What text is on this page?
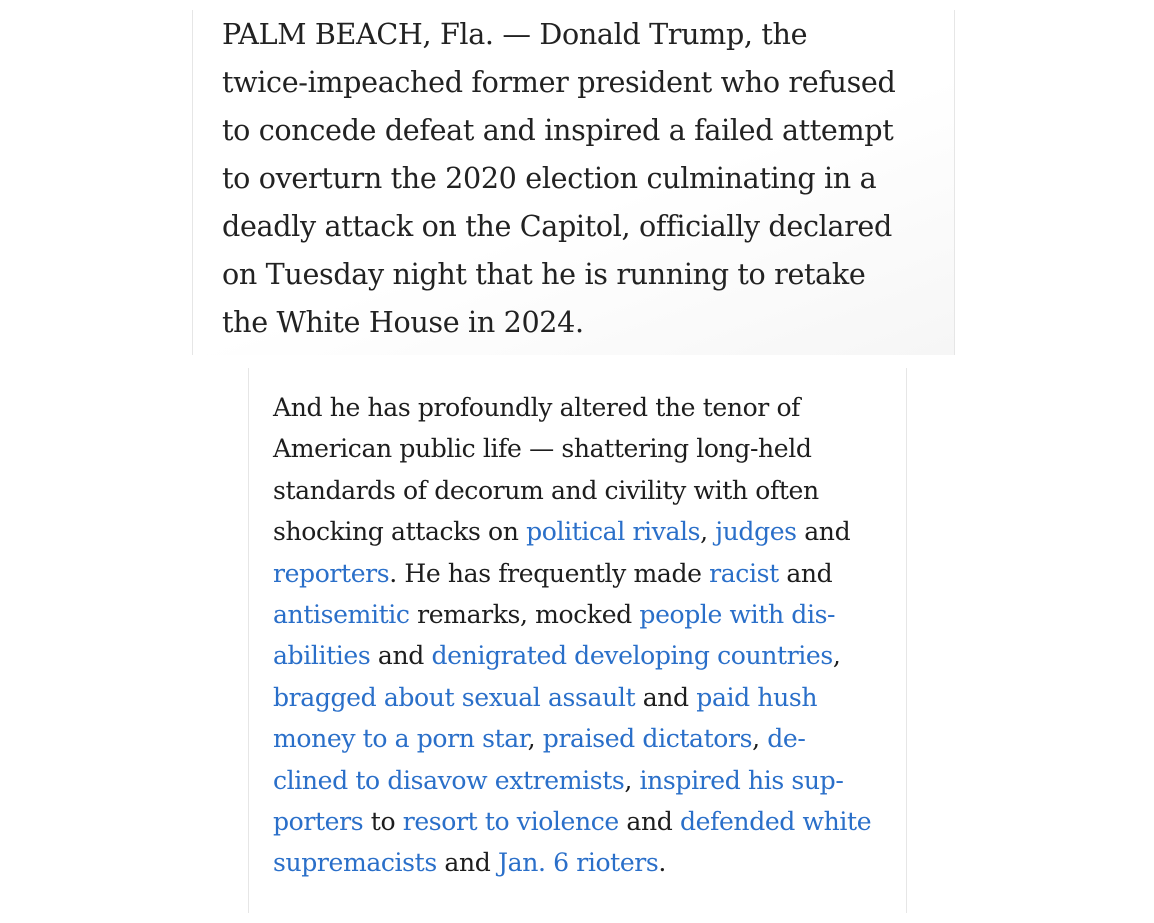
PALM BEACH, Fla. — Donald Trump, the
twice-impeached former president who refused
to concede defeat and inspired a failed attempt
to overturn the 2020 election culminating in a
deadly attack on the Capitol, officially declared
on Tuesday night that he is running to retake
the White House in 2024.

And he has profoundly altered the tenor of
American public life — shattering long-held
standards of decorum and civility with often
shocking attacks on political rivals, judges and
reporters. He has frequently made racist and
antisemitic remarks, mocked people with dis-
abilities and denigrated developing countries,
bragged about sexual assault and paid hush
money to a porn star, praised dictators, de-
clined to disavow extremists, inspired his sup-
porters to resort to violence and defended white
supremacists and Jan. 6 rioters.
